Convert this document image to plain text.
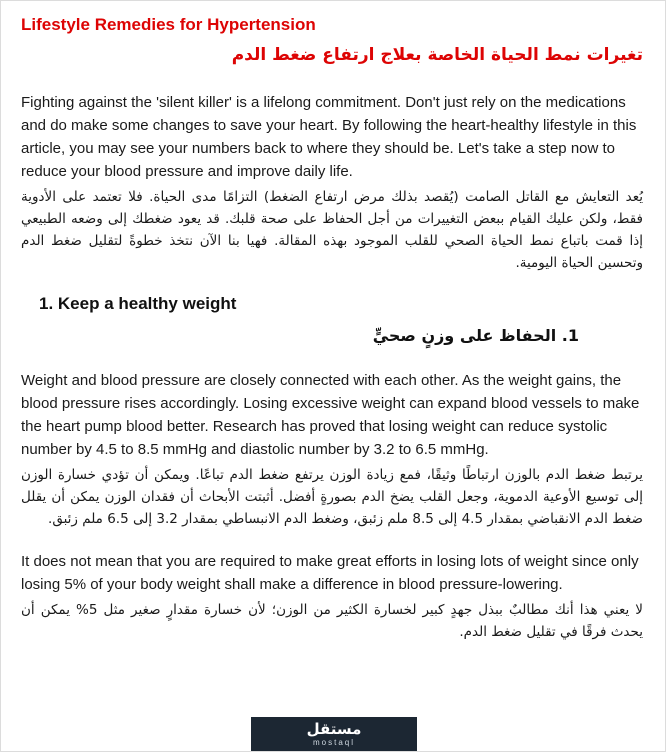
Lifestyle Remedies for Hypertension
تغيرات نمط الحياة الخاصة بعلاج ارتفاع ضغط الدم

Fighting against the 'silent killer' is a lifelong commitment. Don't just rely on the medications and do make some changes to save your heart. By following the heart-healthy lifestyle in this article, you may see your numbers back to where they should be. Let's take a step now to reduce your blood pressure and improve daily life.

يُعد التعايش مع القاتل الصامت (يُقصد بذلك مرض ارتفاع الضغط) التزامًا مدى الحياة. فلا تعتمد على الأدوية فقط، ولكن عليك القيام ببعض التغييرات من أجل الحفاظ على صحة قلبك. قد يعود ضغطك إلى وضعه الطبيعي إذا قمت باتباع نمط الحياة الصحي للقلب الموجود بهذه المقالة. فهيا بنا الآن نتخذ خطوةً لتقليل ضغط الدم وتحسين الحياة اليومية.

1. Keep a healthy weight
1. الحفاظ على وزنٍ صحيٍّ

Weight and blood pressure are closely connected with each other. As the weight gains, the blood pressure rises accordingly. Losing excessive weight can expand blood vessels to make the heart pump blood better. Research has proved that losing weight can reduce systolic number by 4.5 to 8.5 mmHg and diastolic number by 3.2 to 6.5 mmHg.

يرتبط ضغط الدم بالوزن ارتباطًا وثيقًا، فمع زيادة الوزن يرتفع ضغط الدم تباعًا. ويمكن أن تؤدي خسارة الوزن إلى توسيع الأوعية الدموية، وجعل القلب يضخ الدم بصورةٍ أفضل. أثبتت الأبحاث أن فقدان الوزن يمكن أن يقلل ضغط الدم الانقباضي بمقدار 4.5 إلى 8.5 ملم زئبق، وضغط الدم الانبساطي بمقدار 3.2 إلى 6.5 ملم زئبق.

It does not mean that you are required to make great efforts in losing lots of weight since only losing 5% of your body weight shall make a difference in blood pressure-lowering.

لا يعني هذا أنك مطالبٌ ببذل جهدٍ كبير لخسارة الكثير من الوزن؛ لأن خسارة مقدارٍ صغير مثل 5% يمكن أن يحدث فرقًا في تقليل ضغط الدم.

مستقل
mostaql
